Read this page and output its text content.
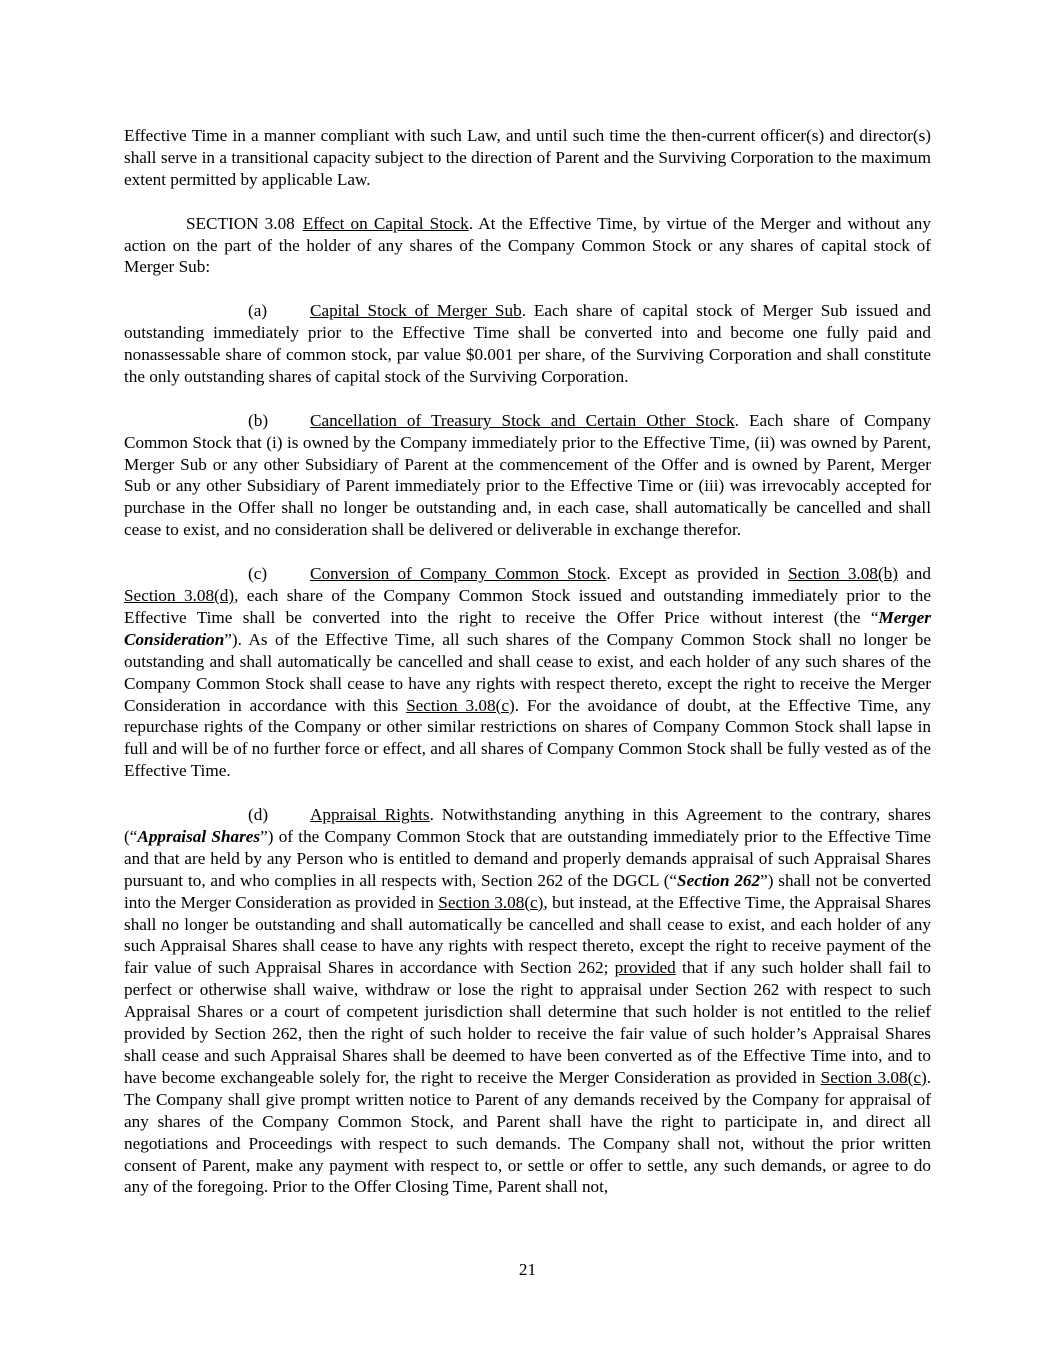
Effective Time in a manner compliant with such Law, and until such time the then-current officer(s) and director(s) shall serve in a transitional capacity subject to the direction of Parent and the Surviving Corporation to the maximum extent permitted by applicable Law.

SECTION 3.08 Effect on Capital Stock. At the Effective Time, by virtue of the Merger and without any action on the part of the holder of any shares of the Company Common Stock or any shares of capital stock of Merger Sub:

(a) Capital Stock of Merger Sub. Each share of capital stock of Merger Sub issued and outstanding immediately prior to the Effective Time shall be converted into and become one fully paid and nonassessable share of common stock, par value $0.001 per share, of the Surviving Corporation and shall constitute the only outstanding shares of capital stock of the Surviving Corporation.

(b) Cancellation of Treasury Stock and Certain Other Stock. Each share of Company Common Stock that (i) is owned by the Company immediately prior to the Effective Time, (ii) was owned by Parent, Merger Sub or any other Subsidiary of Parent at the commencement of the Offer and is owned by Parent, Merger Sub or any other Subsidiary of Parent immediately prior to the Effective Time or (iii) was irrevocably accepted for purchase in the Offer shall no longer be outstanding and, in each case, shall automatically be cancelled and shall cease to exist, and no consideration shall be delivered or deliverable in exchange therefor.

(c) Conversion of Company Common Stock. Except as provided in Section 3.08(b) and Section 3.08(d), each share of the Company Common Stock issued and outstanding immediately prior to the Effective Time shall be converted into the right to receive the Offer Price without interest (the “Merger Consideration”). As of the Effective Time, all such shares of the Company Common Stock shall no longer be outstanding and shall automatically be cancelled and shall cease to exist, and each holder of any such shares of the Company Common Stock shall cease to have any rights with respect thereto, except the right to receive the Merger Consideration in accordance with this Section 3.08(c). For the avoidance of doubt, at the Effective Time, any repurchase rights of the Company or other similar restrictions on shares of Company Common Stock shall lapse in full and will be of no further force or effect, and all shares of Company Common Stock shall be fully vested as of the Effective Time.

(d) Appraisal Rights. Notwithstanding anything in this Agreement to the contrary, shares (“Appraisal Shares”) of the Company Common Stock that are outstanding immediately prior to the Effective Time and that are held by any Person who is entitled to demand and properly demands appraisal of such Appraisal Shares pursuant to, and who complies in all respects with, Section 262 of the DGCL (“Section 262”) shall not be converted into the Merger Consideration as provided in Section 3.08(c), but instead, at the Effective Time, the Appraisal Shares shall no longer be outstanding and shall automatically be cancelled and shall cease to exist, and each holder of any such Appraisal Shares shall cease to have any rights with respect thereto, except the right to receive payment of the fair value of such Appraisal Shares in accordance with Section 262; provided that if any such holder shall fail to perfect or otherwise shall waive, withdraw or lose the right to appraisal under Section 262 with respect to such Appraisal Shares or a court of competent jurisdiction shall determine that such holder is not entitled to the relief provided by Section 262, then the right of such holder to receive the fair value of such holder’s Appraisal Shares shall cease and such Appraisal Shares shall be deemed to have been converted as of the Effective Time into, and to have become exchangeable solely for, the right to receive the Merger Consideration as provided in Section 3.08(c). The Company shall give prompt written notice to Parent of any demands received by the Company for appraisal of any shares of the Company Common Stock, and Parent shall have the right to participate in, and direct all negotiations and Proceedings with respect to such demands. The Company shall not, without the prior written consent of Parent, make any payment with respect to, or settle or offer to settle, any such demands, or agree to do any of the foregoing. Prior to the Offer Closing Time, Parent shall not,

21
